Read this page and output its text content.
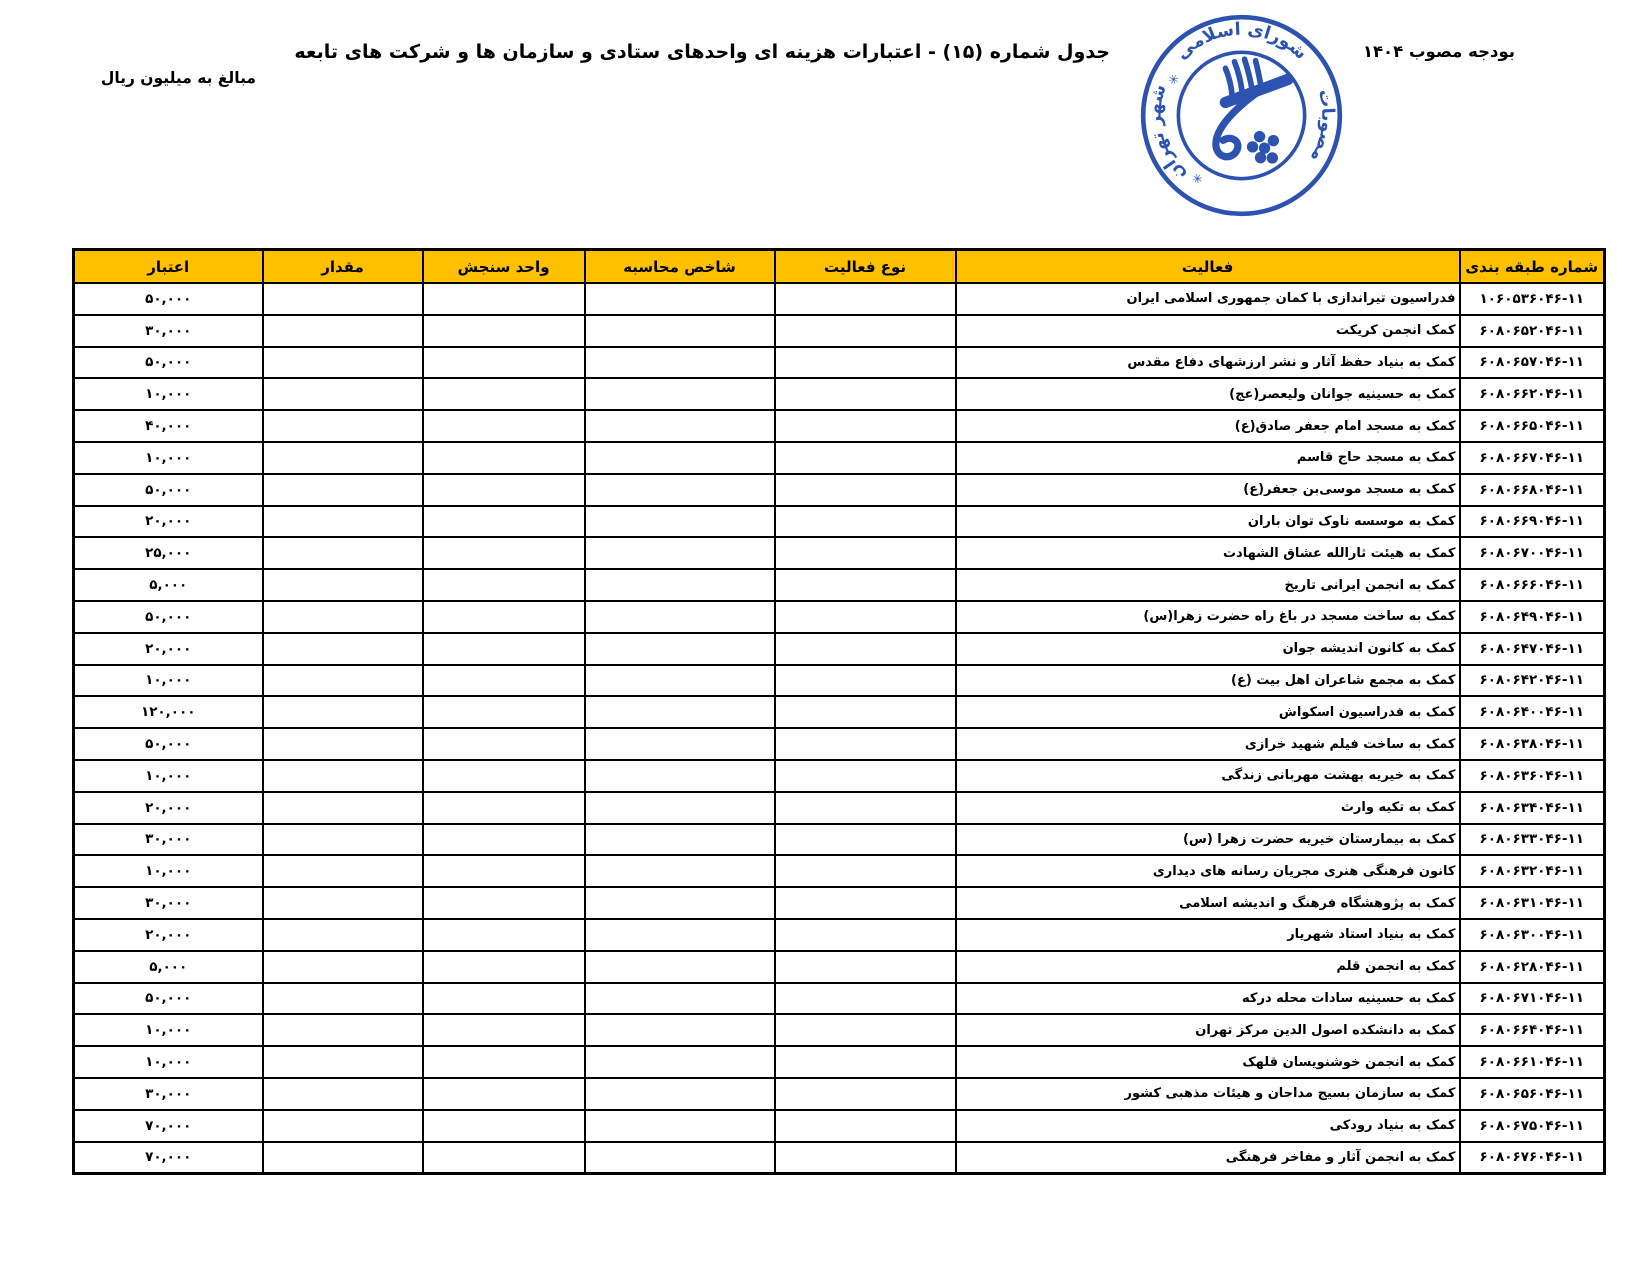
بودجه مصوب ۱۴۰۴
جدول شماره (۱۵) - اعتبارات هزینه ای واحدهای ستادی و سازمان ها و شرکت های تابعه
مبالغ به میلیون ریال
شورای اسلامی
شهر تهران	مصوبات
✳
✳
شماره طبقه بندی	فعالیت	نوع فعالیت	شاخص محاسبه	واحد سنجش	مقدار	اعتبار
۱۰۶۰۵۳۶۰۴۶-۱۱	فدراسیون تیراندازی با کمان جمهوری اسلامی ایران					۵۰,۰۰۰
۶۰۸۰۶۵۲۰۴۶-۱۱	کمک انجمن کریکت					۳۰,۰۰۰
۶۰۸۰۶۵۷۰۴۶-۱۱	کمک به بنیاد حفظ آثار و نشر ارزشهای دفاع مقدس					۵۰,۰۰۰
۶۰۸۰۶۶۲۰۴۶-۱۱	کمک به حسینیه جوانان ولیعصر(عج)					۱۰,۰۰۰
۶۰۸۰۶۶۵۰۴۶-۱۱	کمک به مسجد امام جعفر صادق(ع)					۴۰,۰۰۰
۶۰۸۰۶۶۷۰۴۶-۱۱	کمک به مسجد حاج قاسم					۱۰,۰۰۰
۶۰۸۰۶۶۸۰۴۶-۱۱	کمک به مسجد موسی‌بن جعفر(ع)					۵۰,۰۰۰
۶۰۸۰۶۶۹۰۴۶-۱۱	کمک به موسسه ناوک توان باران					۲۰,۰۰۰
۶۰۸۰۶۷۰۰۴۶-۱۱	کمک به هیئت ثارالله عشاق الشهادت					۲۵,۰۰۰
۶۰۸۰۶۶۶۰۴۶-۱۱	کمک به انجمن ایرانی تاریخ					۵,۰۰۰
۶۰۸۰۶۴۹۰۴۶-۱۱	کمک به ساخت مسجد در باغ راه حضرت زهرا(س)					۵۰,۰۰۰
۶۰۸۰۶۴۷۰۴۶-۱۱	کمک به کانون اندیشه جوان					۲۰,۰۰۰
۶۰۸۰۶۴۲۰۴۶-۱۱	کمک به مجمع شاعران اهل بیت (ع)					۱۰,۰۰۰
۶۰۸۰۶۴۰۰۴۶-۱۱	کمک به فدراسیون اسکواش					۱۲۰,۰۰۰
۶۰۸۰۶۳۸۰۴۶-۱۱	کمک به ساخت فیلم شهید خرازی					۵۰,۰۰۰
۶۰۸۰۶۳۶۰۴۶-۱۱	کمک به خیریه بهشت مهربانی زندگی					۱۰,۰۰۰
۶۰۸۰۶۳۴۰۴۶-۱۱	کمک به تکیه وارث					۲۰,۰۰۰
۶۰۸۰۶۳۳۰۴۶-۱۱	کمک به بیمارستان خیریه حضرت زهرا (س)					۳۰,۰۰۰
۶۰۸۰۶۳۲۰۴۶-۱۱	کانون فرهنگی هنری مجریان رسانه های دیداری					۱۰,۰۰۰
۶۰۸۰۶۳۱۰۴۶-۱۱	کمک به پژوهشگاه فرهنگ و اندیشه اسلامی					۳۰,۰۰۰
۶۰۸۰۶۳۰۰۴۶-۱۱	کمک به بنیاد استاد شهریار					۲۰,۰۰۰
۶۰۸۰۶۲۸۰۴۶-۱۱	کمک به انجمن قلم					۵,۰۰۰
۶۰۸۰۶۷۱۰۴۶-۱۱	کمک به حسینیه سادات محله درکه					۵۰,۰۰۰
۶۰۸۰۶۶۴۰۴۶-۱۱	کمک به دانشکده اصول الدین مرکز تهران					۱۰,۰۰۰
۶۰۸۰۶۶۱۰۴۶-۱۱	کمک به انجمن خوشنویسان قلهک					۱۰,۰۰۰
۶۰۸۰۶۵۶۰۴۶-۱۱	کمک به سازمان بسیج مداحان و هیئات مذهبی کشور					۳۰,۰۰۰
۶۰۸۰۶۷۵۰۴۶-۱۱	کمک به بنیاد رودکی					۷۰,۰۰۰
۶۰۸۰۶۷۶۰۴۶-۱۱	کمک به انجمن آثار و مفاخر فرهنگی					۷۰,۰۰۰
